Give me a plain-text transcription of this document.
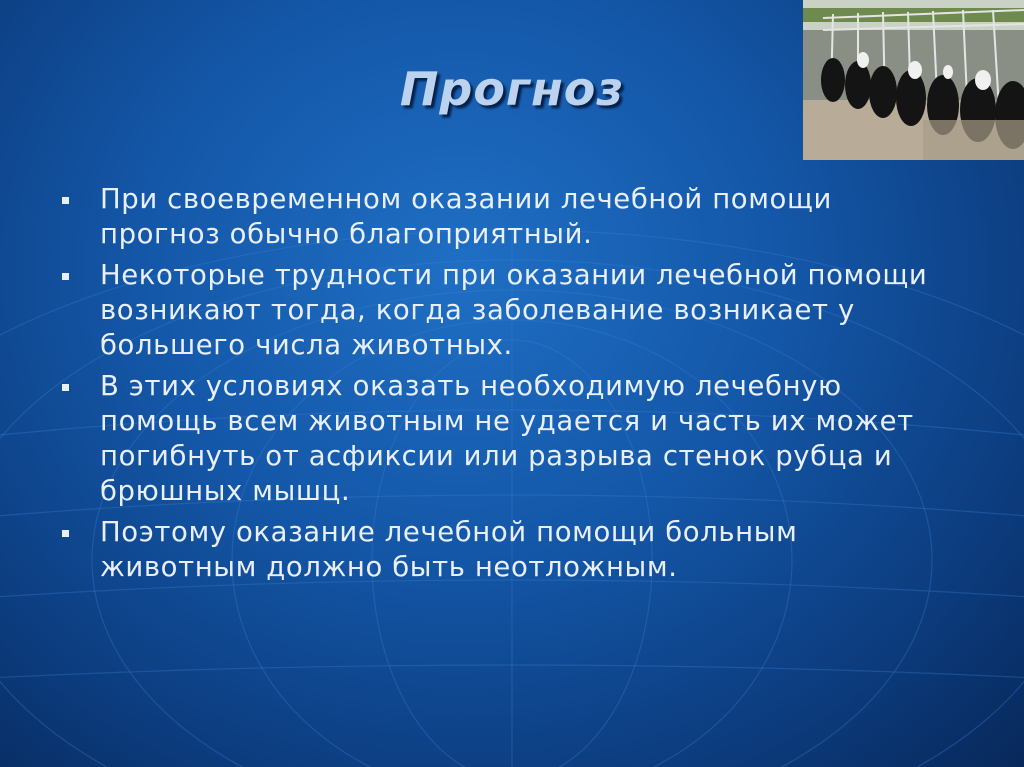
Прогноз
При своевременном оказании лечебной помощи прогноз обычно благоприятный.
Некоторые трудности при оказании лечебной помощи возникают тогда, когда заболевание возникает у большего числа животных.
В этих условиях оказать необходимую лечебную помощь всем животным не удается и часть их может погибнуть от асфиксии или разрыва стенок рубца и брюшных мышц.
Поэтому оказание лечебной помощи больным животным должно быть неотложным.
